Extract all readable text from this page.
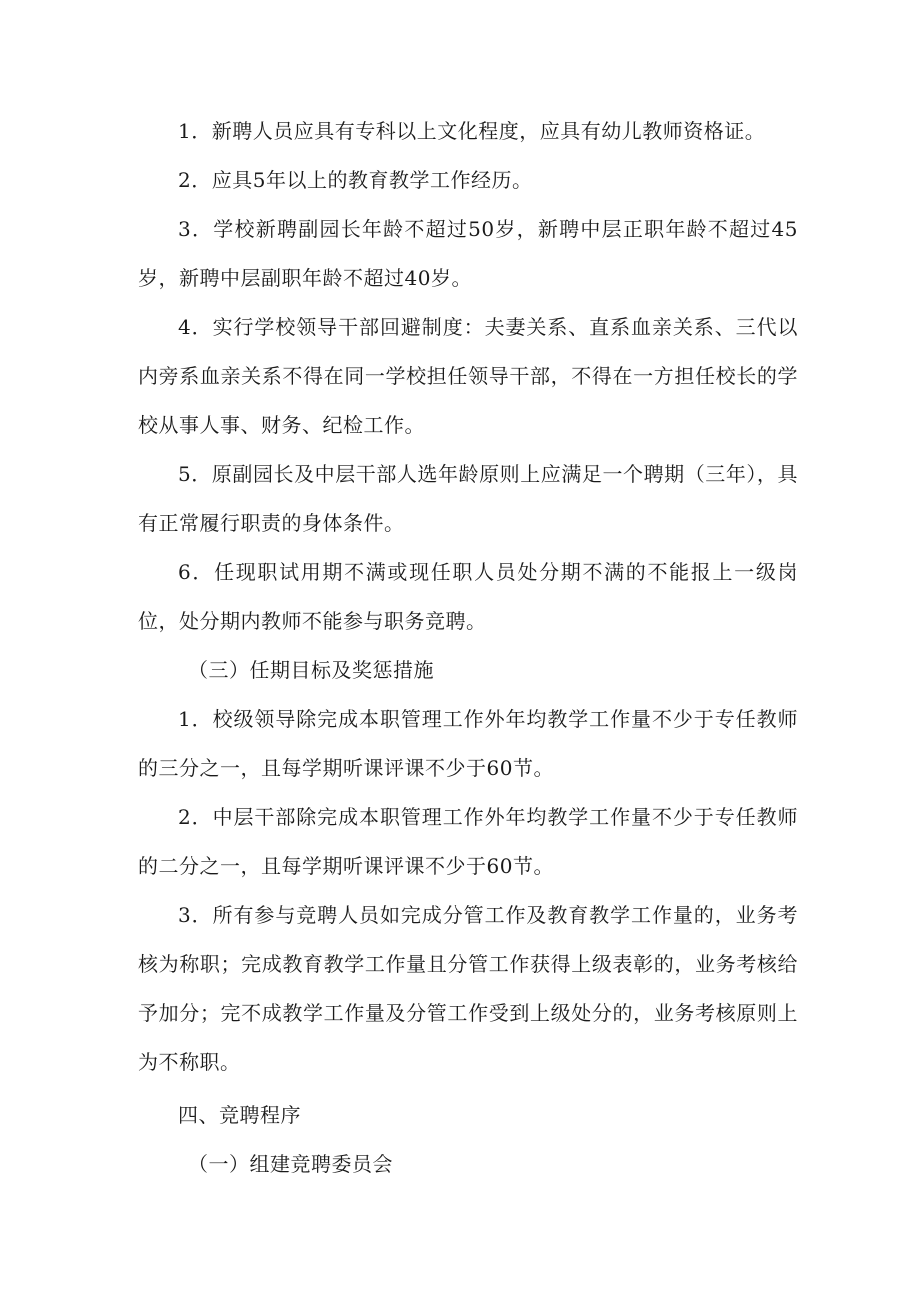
1．新聘人员应具有专科以上文化程度，应具有幼儿教师资格证。

2．应具5年以上的教育教学工作经历。

3．学校新聘副园长年龄不超过50岁，新聘中层正职年龄不超过45岁，新聘中层副职年龄不超过40岁。

4．实行学校领导干部回避制度：夫妻关系、直系血亲关系、三代以内旁系血亲关系不得在同一学校担任领导干部，不得在一方担任校长的学校从事人事、财务、纪检工作。

5．原副园长及中层干部人选年龄原则上应满足一个聘期（三年），具有正常履行职责的身体条件。

6．任现职试用期不满或现任职人员处分期不满的不能报上一级岗位，处分期内教师不能参与职务竞聘。

（三）任期目标及奖惩措施

1．校级领导除完成本职管理工作外年均教学工作量不少于专任教师的三分之一，且每学期听课评课不少于60节。

2．中层干部除完成本职管理工作外年均教学工作量不少于专任教师的二分之一，且每学期听课评课不少于60节。

3．所有参与竞聘人员如完成分管工作及教育教学工作量的，业务考核为称职；完成教育教学工作量且分管工作获得上级表彰的，业务考核给予加分；完不成教学工作量及分管工作受到上级处分的，业务考核原则上为不称职。

四、竞聘程序

（一）组建竞聘委员会
